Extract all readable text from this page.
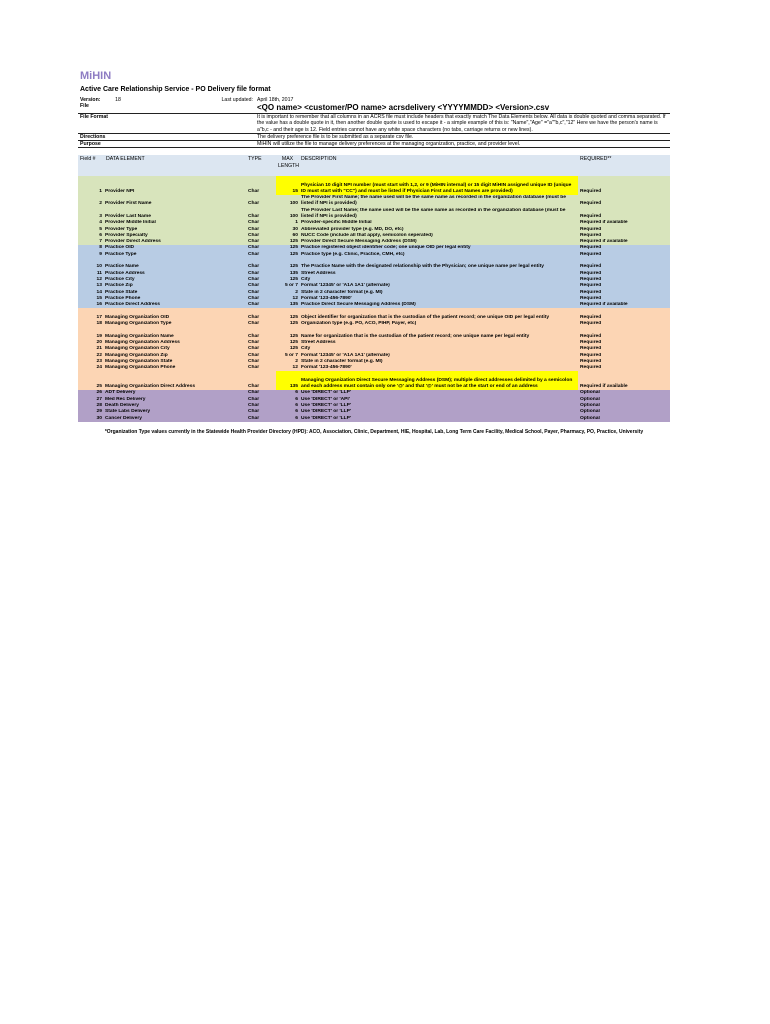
MiHIN
Active Care Relationship Service - PO Delivery file format
Version:	18	Last updated:	April 18th, 2017
File	<QO name> <customer/PO name> acrsdelivery <YYYYMMDD> <Version>.csv
File Format	It is important to remember that all columns in an ACRS file must include headers that exactly match The Data Elements below. All data is double quoted and comma separated. If the value has a double quote in it, then another double quote is used to escape it - a simple example of this is: "Name","Age" ="a""b,c","12" Here we have the person's name is a"b,c - and their age is 12. Field entries cannot have any white space characters (no tabs, carriage returns or new lines).
Directions	The delivery preference file is to be submitted as a separate csv file.
Purpose	MiHIN will utilize the file to manage delivery preferences at the managing organization, practice, and provider level.
Field #	DATA ELEMENT	TYPE	MAX LENGTH	DESCRIPTION	REQUIRED**
1	Provider NPI	Char	15	Physician 10 digit NPI number (must start with 1,2, or 9 (MiHIN internal) or 15 digit MiHIN assigned unique ID (unique ID must start with "CC") and must be listed if Physician First and Last Names are provided)	Required
2	Provider First Name	Char	100	The Provider First Name; the name used will be the same name as recorded in the organization database (must be listed if NPI is provided)	Required
3	Provider Last Name	Char	100	The Provider Last Name; the name used will be the same name as recorded in the organization database (must be listed if NPI is provided)	Required
4	Provider Middle Initial	Char	1	Provider-specific Middle Initial	Required if available
5	Provider Type	Char	30	Abbreviated provider type (e.g. MD, DO, etc)	Required
6	Provider Specialty	Char	60	NUCC Code (include all that apply, semicolon seperated)	Required
7	Provider Direct Address	Char	125	Provider Direct Secure Messaging Address (DSM)	Required if available
8	Practice OID	Char	125	Practice registered object identifier code; one unique OID per legal entity	Required
9	Practice Type	Char	125	Practice type (e.g. Clinic, Practice, CMH, etc)	Required
10	Practice Name	Char	125	The Practice Name with the designated relationship with the Physician; one unique name per legal entity	Required
11	Practice Address	Char	135	Street Address	Required
12	Practice City	Char	125	City	Required
13	Practice Zip	Char	5 or 7	Format '12345' or 'A1A 1A1' (alternate)	Required
14	Practice State	Char	2	State in 2 character format (e.g. MI)	Required
15	Practice Phone	Char	12	Format '123-456-7890'	Required
16	Practice Direct Address	Char	135	Practice Direct Secure Messaging Address (DSM)	Required if available
17	Managing Organization OID	Char	125	Object identifier for organization that is the custodian of the patient record; one unique OID per legal entity	Required
18	Managing Organization Type	Char	125	Organization type (e.g. PO, ACO, PIHP, Payer, etc)	Required
19	Managing Organization Name	Char	125	Name for organization that is the custodian of the patient record; one unique name per legal entity	Required
20	Managing Organization Address	Char	125	Street Address	Required
21	Managing Organization City	Char	125	City	Required
22	Managing Organization Zip	Char	5 or 7	Format '12345' or 'A1A 1A1' (alternate)	Required
23	Managing Organization State	Char	2	State in 2 character format (e.g. MI)	Required
24	Managing Organization Phone	Char	12	Format '123-456-7890'	Required
25	Managing Organization Direct Address	Char	135	Managing Organization Direct Secure Messaging Address (DSM); multiple direct addresses delimited by a semicolon and each address must contain only one '@' and that '@' must not be at the start or end of an address	Required if available
26	ADT Delivery	Char	6	Use 'DIRECT' or 'LLP'	Optional
27	Med Rec Delivery	Char	6	Use 'DIRECT' or 'API'	Optional
28	Death Delivery	Char	6	Use 'DIRECT' or 'LLP'	Optional
29	State Labs Delivery	Char	6	Use 'DIRECT' or 'LLP'	Optional
30	Cancer Delivery	Char	6	Use 'DIRECT' or 'LLP'	Optional
*Organization Type values currently in the Statewide Health Provider Directory (HPD): ACO, Association, Clinic, Department, HIE, Hospital, Lab, Long Term Care Facility, Medical School, Payer, Pharmacy, PO, Practice, University
